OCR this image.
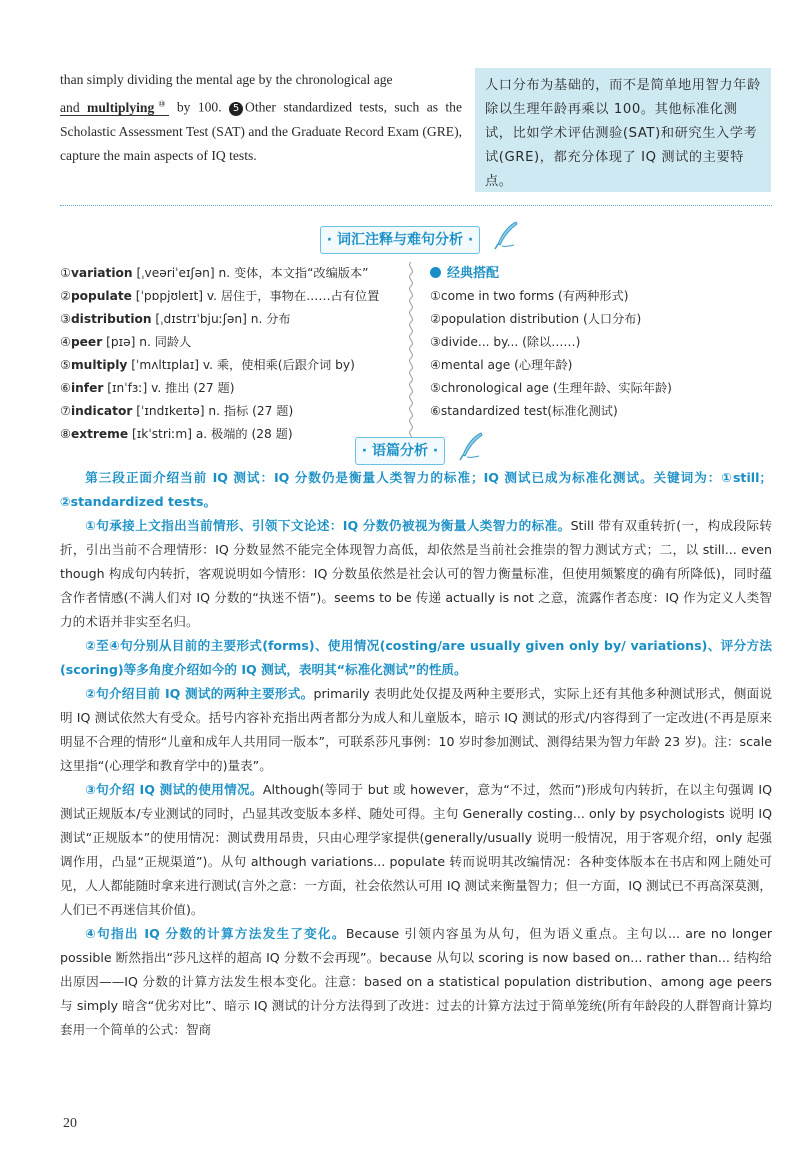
than simply dividing the mental age by the chronological age
and multiplying⑩ by 100. 5 Other standardized tests, such as the Scholastic Assessment Test (SAT) and the Graduate Record Exam (GRE), capture the main aspects of IQ tests.
人口分布为基础的，而不是简单地用智力年龄除以生理年龄再乘以 100。其他标准化测试，比如学术评估测验(SAT)和研究生入学考试(GRE)，都充分体现了 IQ 测试的主要特点。
· 词汇注释与难句分析 ·
①variation [ˌveəriˈeɪʃən] n. 变体，本文指“改编版本”
②populate [ˈpɒpjʊleɪt] v. 居住于，事物在……占有位置
③distribution [ˌdɪstrɪˈbjuːʃən] n. 分布
④peer [pɪə] n. 同龄人
⑤multiply [ˈmʌltɪplaɪ] v. 乘，使相乘(后跟介词 by)
⑥infer [ɪnˈfɜː] v. 推出 (27 题)
⑦indicator [ˈɪndɪkeɪtə] n. 指标 (27 题)
⑧extreme [ɪkˈstriːm] a. 极端的 (28 题)
经典搭配
①come in two forms (有两种形式)
②population distribution (人口分布)
③divide... by... (除以……)
④mental age (心理年龄)
⑤chronological age (生理年龄、实际年龄)
⑥standardized test(标准化测试)
· 语篇分析 ·

第三段正面介绍当前 IQ 测试：IQ 分数仍是衡量人类智力的标准；IQ 测试已成为标准化测试。关键词为：①still；②standardized tests。

①句承接上文指出当前情形、引领下文论述：IQ 分数仍被视为衡量人类智力的标准。Still 带有双重转折(一，构成段际转折，引出当前不合理情形：IQ 分数显然不能完全体现智力高低，却依然是当前社会推崇的智力测试方式；二，以 still... even though 构成句内转折，客观说明如今情形：IQ 分数虽依然是社会认可的智力衡量标准，但使用频繁度的确有所降低)，同时蕴含作者情感(不满人们对 IQ 分数的“执迷不悟”)。seems to be 传递 actually is not 之意，流露作者态度：IQ 作为定义人类智力的术语并非实至名归。

②至④句分别从目前的主要形式(forms)、使用情况(costing/are usually given only by/ variations)、评分方法(scoring)等多角度介绍如今的 IQ 测试，表明其“标准化测试”的性质。

②句介绍目前 IQ 测试的两种主要形式。primarily 表明此处仅提及两种主要形式，实际上还有其他多种测试形式，侧面说明 IQ 测试依然大有受众。括号内容补充指出两者都分为成人和儿童版本，暗示 IQ 测试的形式/内容得到了一定改进(不再是原来明显不合理的情形“儿童和成年人共用同一版本”，可联系莎凡事例：10 岁时参加测试、测得结果为智力年龄 23 岁)。注：scale 这里指“(心理学和教育学中的)量表”。

③句介绍 IQ 测试的使用情况。Although(等同于 but 或 however，意为“不过，然而”)形成句内转折，在以主句强调 IQ 测试正规版本/专业测试的同时，凸显其改变版本多样、随处可得。主句 Generally costing... only by psychologists 说明 IQ 测试“正规版本”的使用情况：测试费用昂贵，只由心理学家提供(generally/usually 说明一般情况，用于客观介绍，only 起强调作用，凸显“正规渠道”)。从句 although variations... populate 转而说明其改编情况：各种变体版本在书店和网上随处可见，人人都能随时拿来进行测试(言外之意：一方面，社会依然认可用 IQ 测试来衡量智力；但一方面，IQ 测试已不再高深莫测，人们已不再迷信其价值)。

④句指出 IQ 分数的计算方法发生了变化。Because 引领内容虽为从句，但为语义重点。主句以... are no longer possible 断然指出“莎凡这样的超高 IQ 分数不会再现”。because 从句以 scoring is now based on... rather than... 结构给出原因——IQ 分数的计算方法发生根本变化。注意：based on a statistical population distribution、among age peers 与 simply 暗含“优劣对比”、暗示 IQ 测试的计分方法得到了改进：过去的计算方法过于简单笼统(所有年龄段的人群智商计算均套用一个简单的公式：智商

20
